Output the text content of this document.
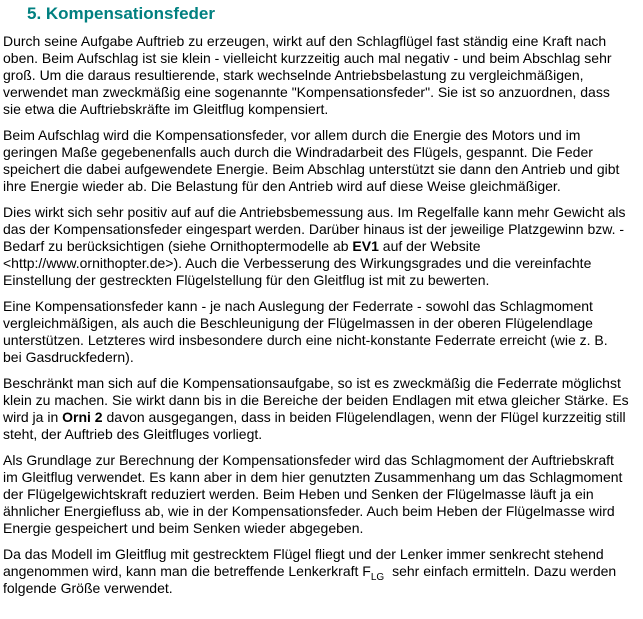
5. Kompensationsfeder

Durch seine Aufgabe Auftrieb zu erzeugen, wirkt auf den Schlagflügel fast ständig eine Kraft nach oben. Beim Aufschlag ist sie klein - vielleicht kurzzeitig auch mal negativ - und beim Abschlag sehr groß. Um die daraus resultierende, stark wechselnde Antriebsbelastung zu vergleichmäßigen, verwendet man zweckmäßig eine sogenannte "Kompensationsfeder". Sie ist so anzuordnen, dass sie etwa die Auftriebskräfte im Gleitflug kompensiert.

Beim Aufschlag wird die Kompensationsfeder, vor allem durch die Energie des Motors und im geringen Maße gegebenenfalls auch durch die Windradarbeit des Flügels, gespannt. Die Feder speichert die dabei aufgewendete Energie. Beim Abschlag unterstützt sie dann den Antrieb und gibt ihre Energie wieder ab. Die Belastung für den Antrieb wird auf diese Weise gleichmäßiger.

Dies wirkt sich sehr positiv auf auf die Antriebsbemessung aus. Im Regelfalle kann mehr Gewicht als das der Kompensationsfeder eingespart werden. Darüber hinaus ist der jeweilige Platzgewinn bzw. -Bedarf zu berücksichtigen (siehe Ornithoptermodelle ab EV1 auf der Website <http://www.ornithopter.de>). Auch die Verbesserung des Wirkungsgrades und die vereinfachte Einstellung der gestreckten Flügelstellung für den Gleitflug ist mit zu bewerten.

Eine Kompensationsfeder kann - je nach Auslegung der Federrate - sowohl das Schlagmoment vergleichmäßigen, als auch die Beschleunigung der Flügelmassen in der oberen Flügelendlage unterstützen. Letzteres wird insbesondere durch eine nicht-konstante Federrate erreicht (wie z. B. bei Gasdruckfedern).

Beschränkt man sich auf die Kompensationsaufgabe, so ist es zweckmäßig die Federrate möglichst klein zu machen. Sie wirkt dann bis in die Bereiche der beiden Endlagen mit etwa gleicher Stärke. Es wird ja in Orni 2 davon ausgegangen, dass in beiden Flügelendlagen, wenn der Flügel kurzzeitig still steht, der Auftrieb des Gleitfluges vorliegt.

Als Grundlage zur Berechnung der Kompensationsfeder wird das Schlagmoment der Auftriebskraft im Gleitflug verwendet. Es kann aber in dem hier genutzten Zusammenhang um das Schlagmoment der Flügelgewichtskraft reduziert werden. Beim Heben und Senken der Flügelmasse läuft ja ein ähnlicher Energiefluss ab, wie in der Kompensationsfeder. Auch beim Heben der Flügelmasse wird Energie gespeichert und beim Senken wieder abgegeben.

Da das Modell im Gleitflug mit gestrecktem Flügel fliegt und der Lenker immer senkrecht stehend angenommen wird, kann man die betreffende Lenkerkraft $F_{LG}$ sehr einfach ermitteln. Dazu werden folgende Größe verwendet.
